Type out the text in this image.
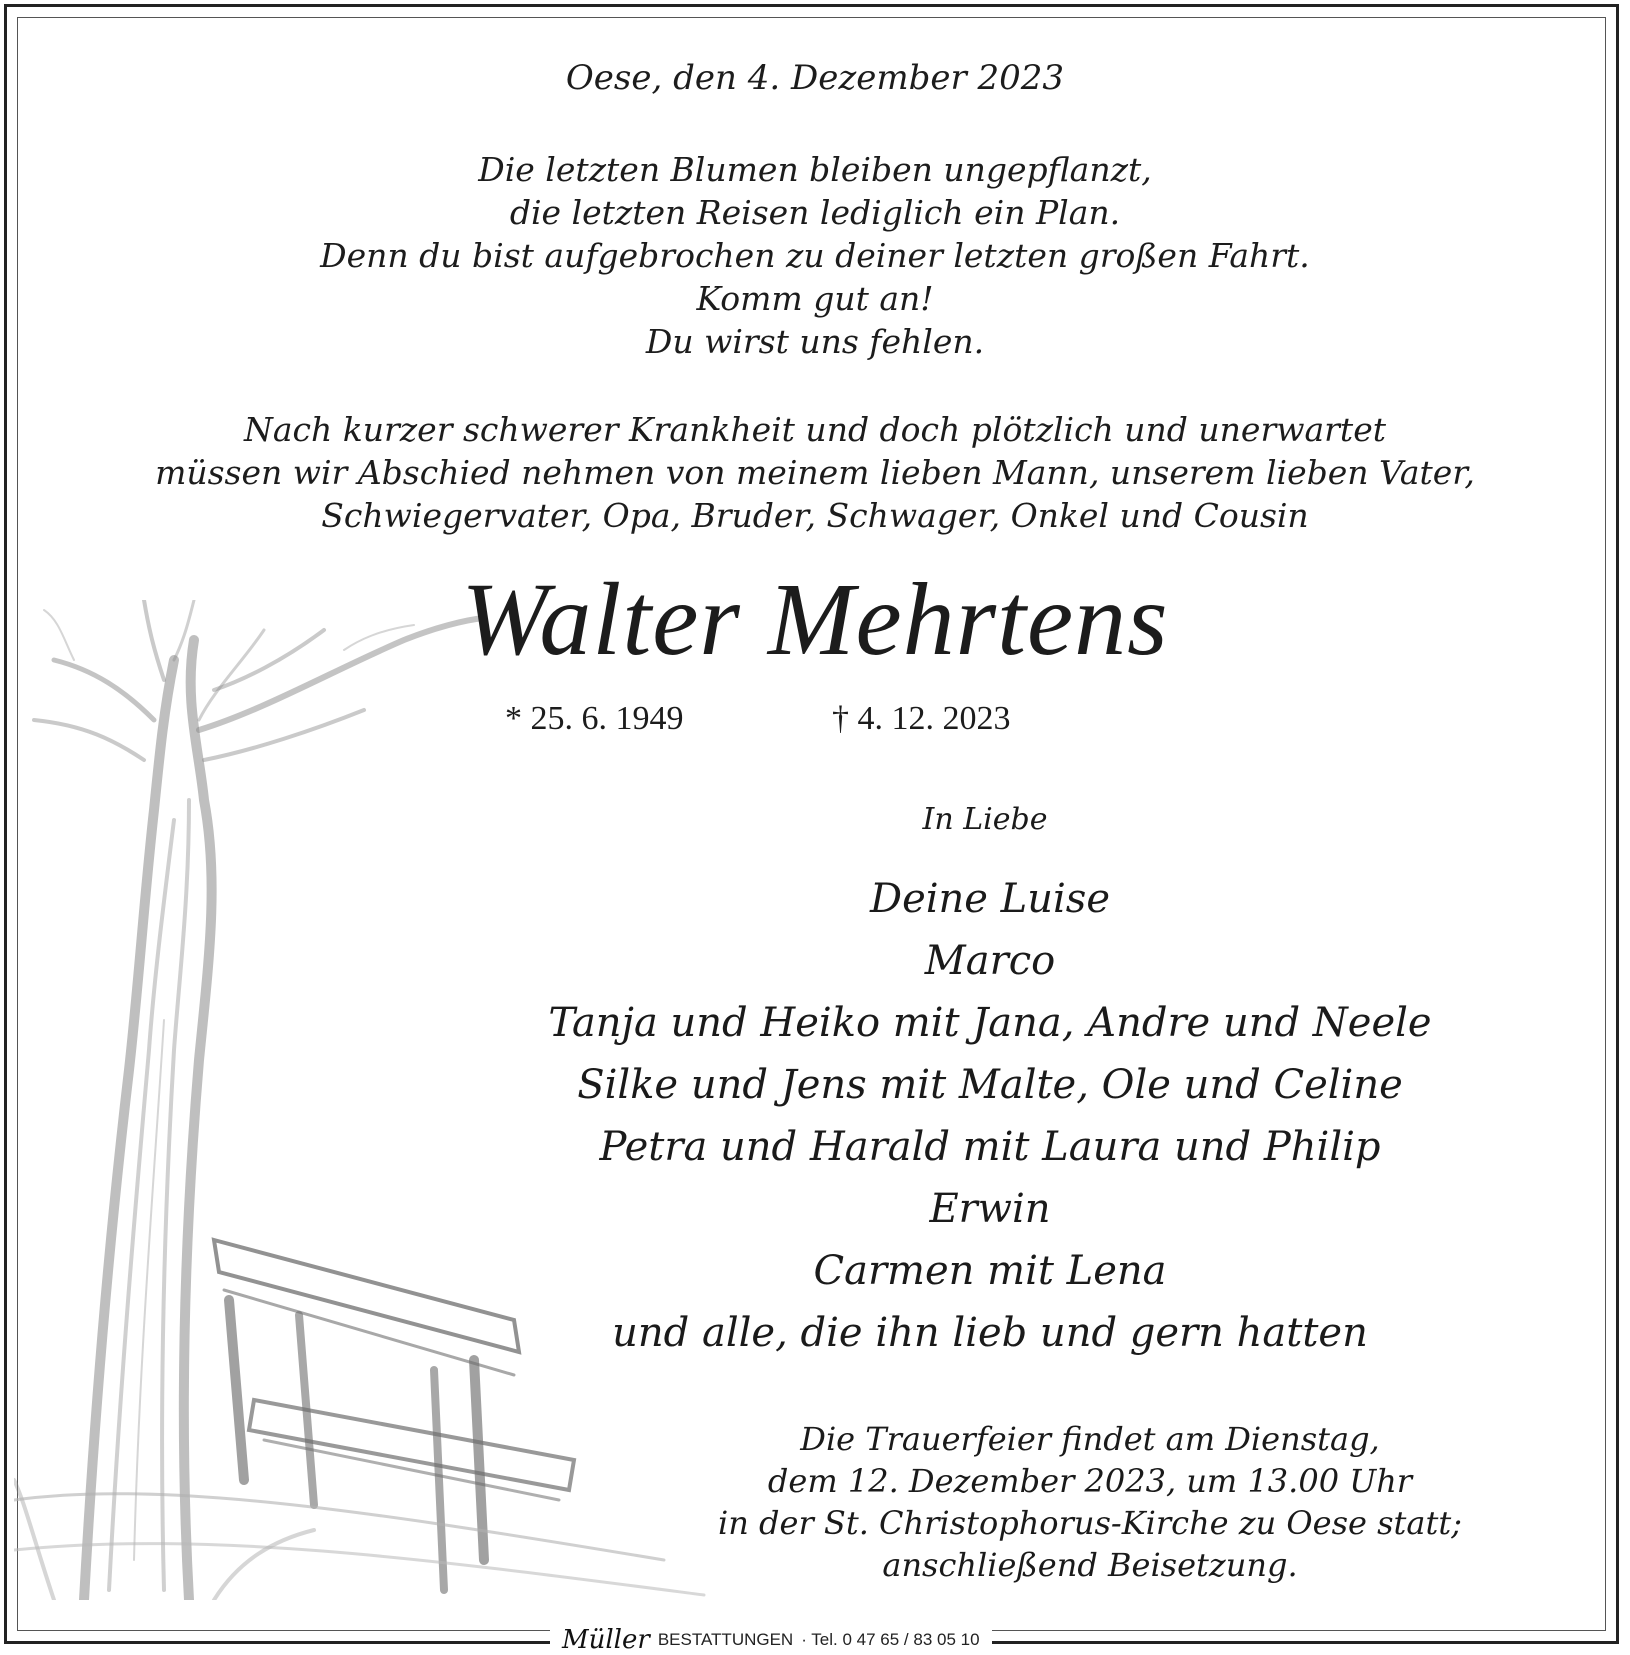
Oese, den 4. Dezember 2023
Die letzten Blumen bleiben ungepflanzt,
die letzten Reisen lediglich ein Plan.
Denn du bist aufgebrochen zu deiner letzten großen Fahrt.
Komm gut an!
Du wirst uns fehlen.
Nach kurzer schwerer Krankheit und doch plötzlich und unerwartet
müssen wir Abschied nehmen von meinem lieben Mann, unserem lieben Vater,
Schwiegervater, Opa, Bruder, Schwager, Onkel und Cousin
Walter Mehrtens
* 25. 6. 1949	† 4. 12. 2023
In Liebe
Deine Luise
Marco
Tanja und Heiko mit Jana, Andre und Neele
Silke und Jens mit Malte, Ole und Celine
Petra und Harald mit Laura und Philip
Erwin
Carmen mit Lena
und alle, die ihn lieb und gern hatten
Die Trauerfeier findet am Dienstag,
dem 12. Dezember 2023, um 13.00 Uhr
in der St. Christophorus-Kirche zu Oese statt;
anschließend Beisetzung.
Müller BESTATTUNGEN · Tel. 0 47 65 / 83 05 10
